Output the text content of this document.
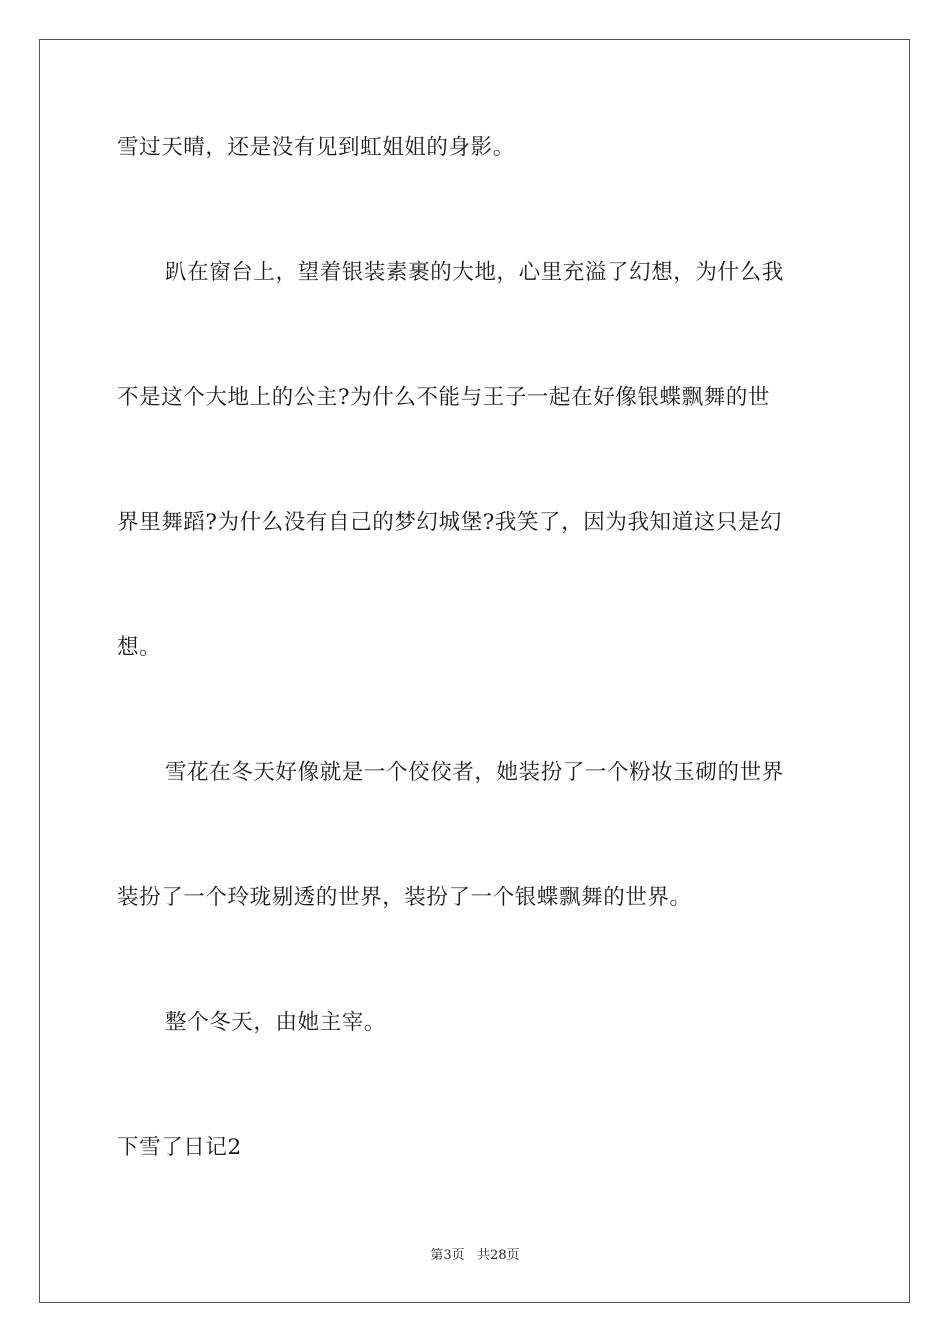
雪过天晴，还是没有见到虹姐姐的身影。
趴在窗台上，望着银装素裹的大地，心里充溢了幻想，为什么我
不是这个大地上的公主?为什么不能与王子一起在好像银蝶飘舞的世
界里舞蹈?为什么没有自己的梦幻城堡?我笑了，因为我知道这只是幻
想。
雪花在冬天好像就是一个佼佼者，她装扮了一个粉妆玉砌的世界
装扮了一个玲珑剔透的世界，装扮了一个银蝶飘舞的世界。
整个冬天，由她主宰。
下雪了日记2
第3页   共28页
